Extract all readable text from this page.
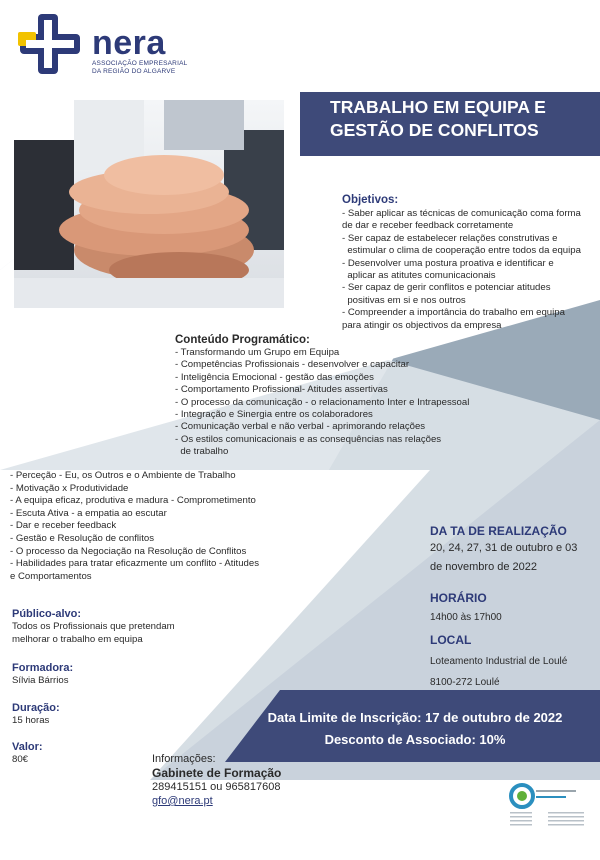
nera
ASSOCIAÇÃO EMPRESARIAL
DA REGIÃO DO ALGARVE
TRABALHO EM EQUIPA E
GESTÃO DE CONFLITOS
Objetivos:
- Saber aplicar as técnicas de comunicação coma forma
de dar e receber feedback corretamente
- Ser capaz de estabelecer relações construtivas e
estimular o clima de cooperação entre todos da equipa
- Desenvolver uma postura proativa e identificar e
aplicar as atitutes comunicacionais
- Ser capaz de gerir conflitos e potenciar atitudes
positivas em si e nos outros
- Compreender a importância do trabalho em equipa
para atingir os objectivos da empresa
Conteúdo Programático:
- Transformando um Grupo em Equipa
- Competências Profissionais - desenvolver e capacitar
- Inteligência Emocional - gestão das emoções
- Comportamento Profissional- Atitudes assertivas
- O processo da comunicação - o relacionamento Inter e Intrapessoal
- Integração e Sinergia entre os colaboradores
- Comunicação verbal e não verbal - aprimorando relações
- Os estilos comunicacionais e as consequências nas relações
de trabalho
- Perceção - Eu, os Outros e o Ambiente de Trabalho
- Motivação x Produtividade
- A equipa eficaz, produtiva e madura - Comprometimento
- Escuta Ativa - a empatia ao escutar
- Dar e receber feedback
- Gestão e Resolução de conflitos
- O processo da Negociação na Resolução de Conflitos
- Habilidades para tratar eficazmente um conflito - Atitudes
e Comportamentos
Público-alvo:
Todos os Profissionais que pretendam
melhorar o trabalho em equipa
Formadora:
Sílvia Bárrios
Duração:
15 horas
Valor:
80€
DA TA DE REALIZAÇÃO
20, 24, 27, 31 de outubro e 03
de novembro de 2022
HORÁRIO
14h00 às 17h00
LOCAL
Loteamento Industrial de Loulé
8100-272 Loulé
Data Limite de Inscrição: 17 de outubro de 2022
Desconto de Associado: 10%
Informações:
Gabinete de Formação
289415151 ou 965817608
gfo@nera.pt
